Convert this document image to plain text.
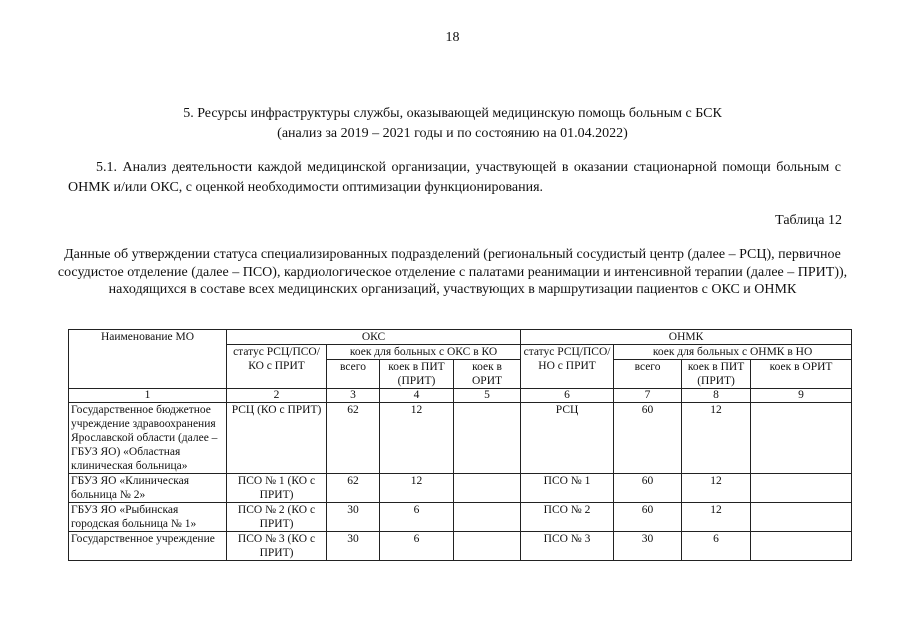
18
5. Ресурсы инфраструктуры службы, оказывающей медицинскую помощь больным с БСК
(анализ за 2019 – 2021 годы и по состоянию на 01.04.2022)
5.1. Анализ деятельности каждой медицинской организации, участвующей в оказании стационарной помощи больным с ОНМК и/или ОКС, с оценкой необходимости оптимизации функционирования.
Таблица 12
Данные об утверждении статуса специализированных подразделений (региональный сосудистый центр (далее – РСЦ), первичное сосудистое отделение (далее – ПСО), кардиологическое отделение с палатами реанимации и интенсивной терапии (далее – ПРИТ)), находящихся в составе всех медицинских организаций, участвующих в маршрутизации пациентов с ОКС и ОНМК
Наименование МО	ОКС				ОНМК			
	статус РСЦ/ПСО/КО с ПРИТ	коек для больных с ОКС в КО			статус РСЦ/ПСО/НО с ПРИТ	коек для больных с ОНМК в НО		
		всего	коек в ПИТ (ПРИТ)	коек в ОРИТ		всего	коек в ПИТ (ПРИТ)	коек в ОРИТ
1	2	3	4	5	6	7	8	9
Государственное бюджетное учреждение здравоохранения Ярославской области (далее – ГБУЗ ЯО) «Областная клиническая больница»	РСЦ (КО с ПРИТ)	62	12		РСЦ	60	12	
ГБУЗ ЯО «Клиническая больница № 2»	ПСО № 1 (КО с ПРИТ)	62	12		ПСО № 1	60	12	
ГБУЗ ЯО «Рыбинская городская больница № 1»	ПСО № 2 (КО с ПРИТ)	30	6		ПСО № 2	60	12	
Государственное учреждение	ПСО № 3 (КО с ПРИТ)	30	6		ПСО № 3	30	6	
